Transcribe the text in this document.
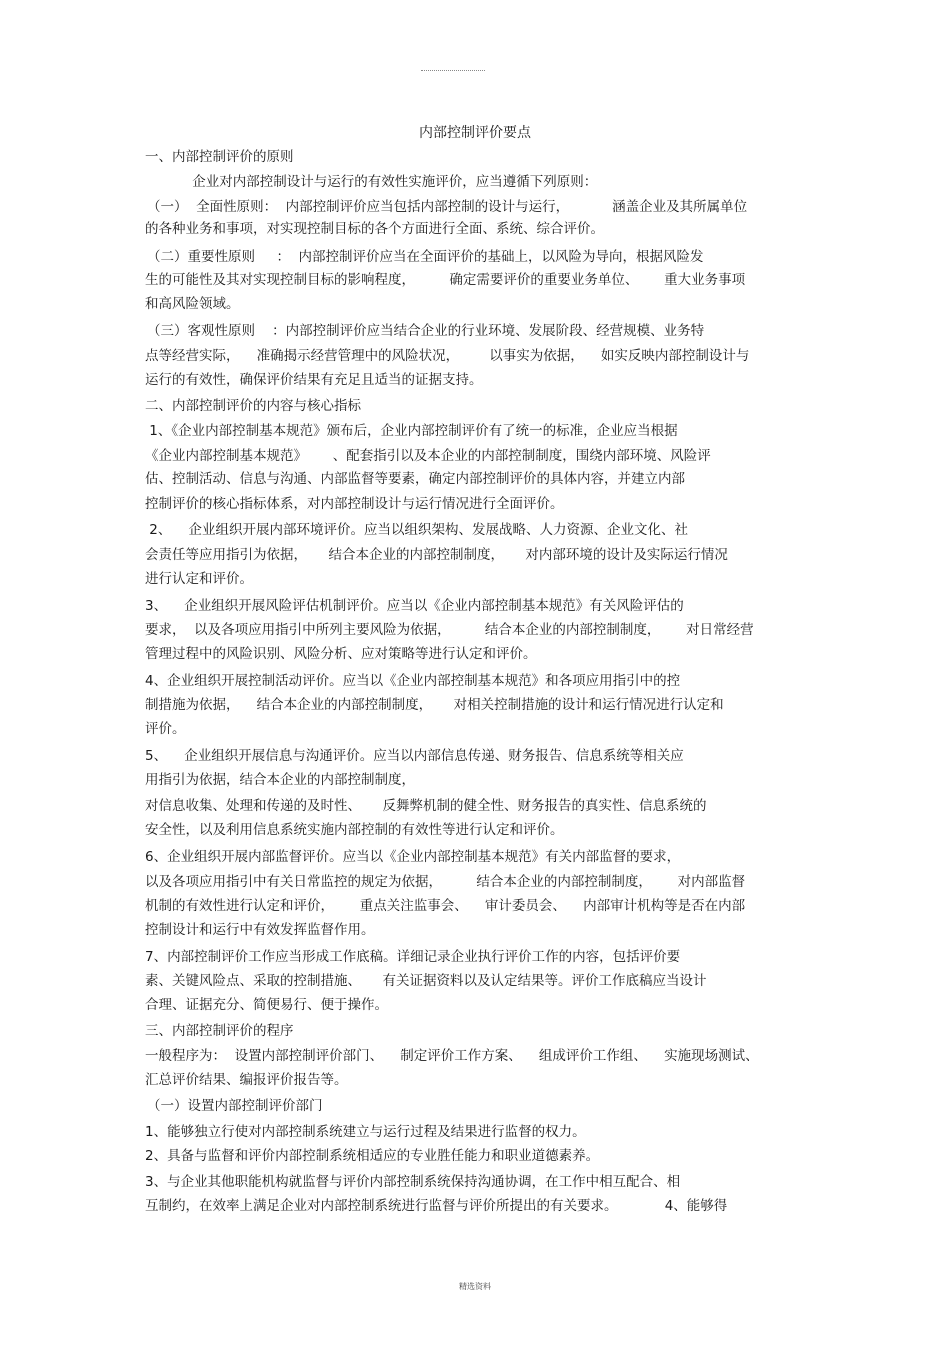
内部控制评价要点
一、内部控制评价的原则
企业对内部控制设计与运行的有效性实施评价，应当遵循下列原则：
（一）  全面性原则：  内部控制评价应当包括内部控制的设计与运行，          涵盖企业及其所属单位
的各种业务和事项，对实现控制目标的各个方面进行全面、系统、综合评价。
（二）重要性原则     ：  内部控制评价应当在全面评价的基础上，以风险为导向，根据风险发
生的可能性及其对实现控制目标的影响程度，        确定需要评价的重要业务单位、      重大业务事项
和高风险领域。
（三）客观性原则    ：内部控制评价应当结合企业的行业环境、发展阶段、经营规模、业务特
点等经营实际，    准确揭示经营管理中的风险状况，       以事实为依据，    如实反映内部控制设计与
运行的有效性，确保评价结果有充足且适当的证据支持。
二、内部控制评价的内容与核心指标
1、《企业内部控制基本规范》颁布后，企业内部控制评价有了统一的标准，企业应当根据
《企业内部控制基本规范》      、配套指引以及本企业的内部控制制度，围绕内部环境、风险评
估、控制活动、信息与沟通、内部监督等要素，确定内部控制评价的具体内容，并建立内部
控制评价的核心指标体系，对内部控制设计与运行情况进行全面评价。
2、    企业组织开展内部环境评价。应当以组织架构、发展战略、人力资源、企业文化、社
会责任等应用指引为依据，     结合本企业的内部控制制度，     对内部环境的设计及实际运行情况
进行认定和评价。
3、    企业组织开展风险评估机制评价。应当以《企业内部控制基本规范》有关风险评估的
要求，  以及各项应用指引中所列主要风险为依据，        结合本企业的内部控制制度，      对日常经营
管理过程中的风险识别、风险分析、应对策略等进行认定和评价。
4、企业组织开展控制活动评价。应当以《企业内部控制基本规范》和各项应用指引中的控
制措施为依据，    结合本企业的内部控制制度，     对相关控制措施的设计和运行情况进行认定和
评价。
5、    企业组织开展信息与沟通评价。应当以内部信息传递、财务报告、信息系统等相关应
用指引为依据，结合本企业的内部控制制度，
对信息收集、处理和传递的及时性、     反舞弊机制的健全性、财务报告的真实性、信息系统的
安全性，以及利用信息系统实施内部控制的有效性等进行认定和评价。
6、企业组织开展内部监督评价。应当以《企业内部控制基本规范》有关内部监督的要求，
以及各项应用指引中有关日常监控的规定为依据，        结合本企业的内部控制制度，      对内部监督
机制的有效性进行认定和评价，      重点关注监事会、    审计委员会、    内部审计机构等是否在内部
控制设计和运行中有效发挥监督作用。
7、内部控制评价工作应当形成工作底稿。详细记录企业执行评价工作的内容，包括评价要
素、关键风险点、采取的控制措施、     有关证据资料以及认定结果等。评价工作底稿应当设计
合理、证据充分、简便易行、便于操作。
三、内部控制评价的程序
一般程序为：  设置内部控制评价部门、    制定评价工作方案、    组成评价工作组、    实施现场测试、
汇总评价结果、编报评价报告等。
（一）设置内部控制评价部门
1、能够独立行使对内部控制系统建立与运行过程及结果进行监督的权力。
2、具备与监督和评价内部控制系统相适应的专业胜任能力和职业道德素养。
3、与企业其他职能机构就监督与评价内部控制系统保持沟通协调，在工作中相互配合、相
互制约，在效率上满足企业对内部控制系统进行监督与评价所提出的有关要求。           4、能够得
精选资料
